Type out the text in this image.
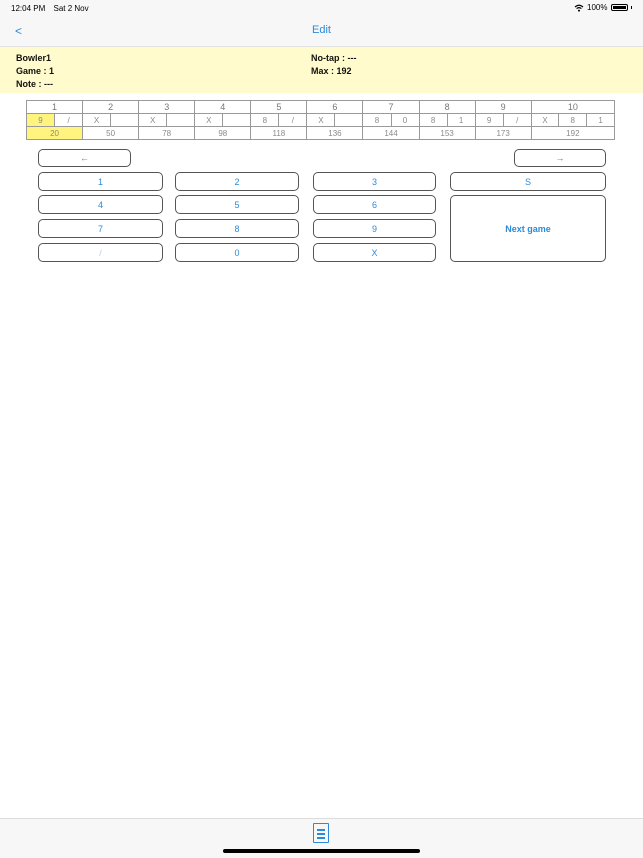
12:04 PM Sat 2 Nov	100%
<	Edit
Bowler1
Game : 1
Note : ---
No-tap : ---
Max : 192
1		2		3		4		5		6		7		8		9		10		
9	/	X		X		X		8	/	X		8	0	8	1	9	/	X	8	1
20		50		78		98		118		136		144		153		173		192		
←	→
1	2	3	S
4	5	6
Next game
7	8	9
/	0	X
